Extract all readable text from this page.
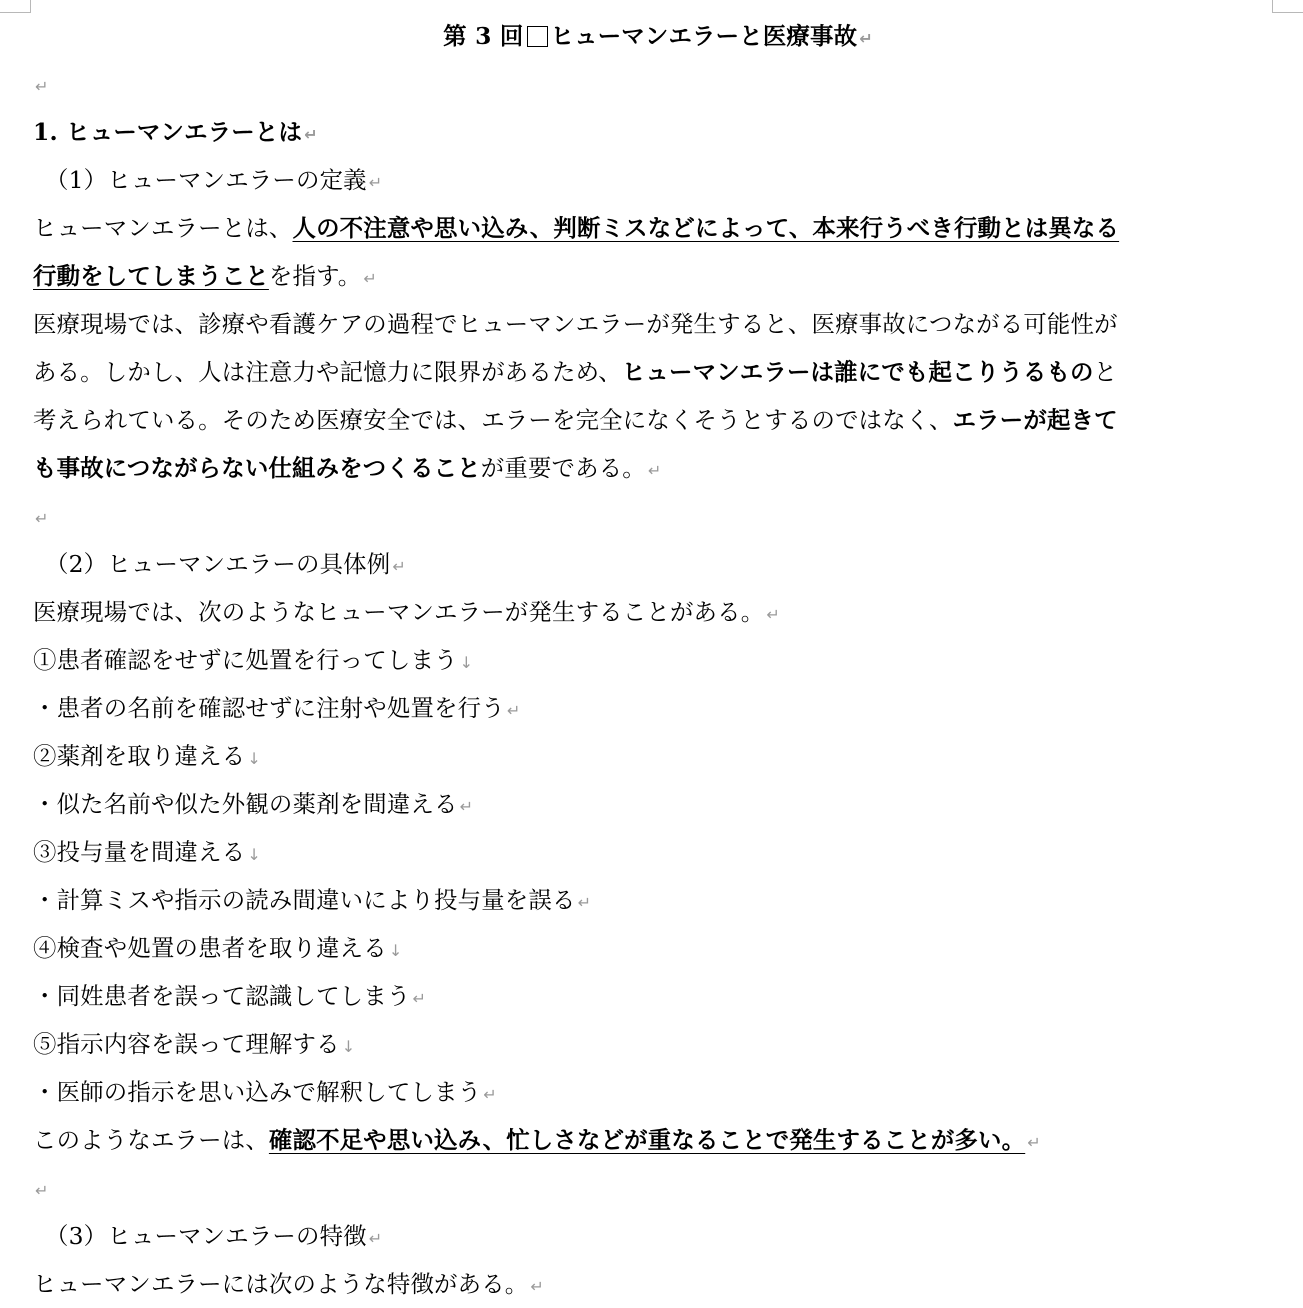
第 3 回 ヒューマンエラーと医療事故 ↵
↵
1. ヒューマンエラーとは ↵
（1）ヒューマンエラーの定義 ↵
ヒューマンエラーとは、人の不注意や思い込み、判断ミスなどによって、本来行うべき行動とは異なる
行動をしてしまうことを指す。 ↵
医療現場では、診療や看護ケアの過程でヒューマンエラーが発生すると、医療事故につながる可能性が
ある。しかし、人は注意力や記憶力に限界があるため、ヒューマンエラーは誰にでも起こりうるものと
考えられている。そのため医療安全では、エラーを完全になくそうとするのではなく、エラーが起きて
も事故につながらない仕組みをつくることが重要である。 ↵
↵
（2）ヒューマンエラーの具体例 ↵
医療現場では、次のようなヒューマンエラーが発生することがある。 ↵
①患者確認をせずに処置を行ってしまう ↓
・患者の名前を確認せずに注射や処置を行う ↵
②薬剤を取り違える ↓
・似た名前や似た外観の薬剤を間違える ↵
③投与量を間違える ↓
・計算ミスや指示の読み間違いにより投与量を誤る ↵
④検査や処置の患者を取り違える ↓
・同姓患者を誤って認識してしまう ↵
⑤指示内容を誤って理解する ↓
・医師の指示を思い込みで解釈してしまう ↵
このようなエラーは、確認不足や思い込み、忙しさなどが重なることで発生することが多い。 ↵
↵
（3）ヒューマンエラーの特徴 ↵
ヒューマンエラーには次のような特徴がある。 ↵
